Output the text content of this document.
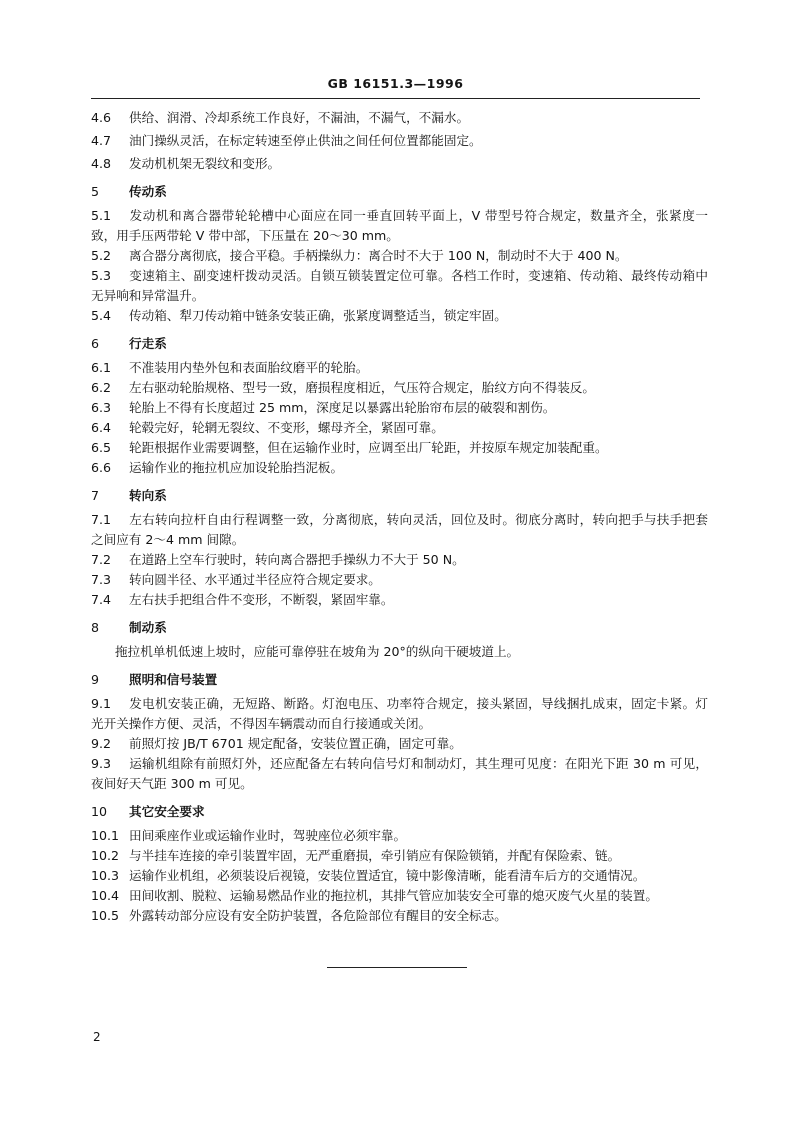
GB 16151.3—1996
4.6	供给、润滑、冷却系统工作良好，不漏油，不漏气，不漏水。
4.7	油门操纵灵活，在标定转速至停止供油之间任何位置都能固定。
4.8	发动机机架无裂纹和变形。
5	传动系
5.1 发动机和离合器带轮轮槽中心面应在同一垂直回转平面上，V 带型号符合规定，数量齐全，张紧度一致，用手压两带轮 V 带中部，下压量在 20～30 mm。
5.2	离合器分离彻底，接合平稳。手柄操纵力：离合时不大于 100 N，制动时不大于 400 N。
5.3 变速箱主、副变速杆拨动灵活。自锁互锁装置定位可靠。各档工作时，变速箱、传动箱、最终传动箱中无异响和异常温升。
5.4	传动箱、犁刀传动箱中链条安装正确，张紧度调整适当，锁定牢固。
6	行走系
6.1	不准装用内垫外包和表面胎纹磨平的轮胎。
6.2	左右驱动轮胎规格、型号一致，磨损程度相近，气压符合规定，胎纹方向不得装反。
6.3	轮胎上不得有长度超过 25 mm，深度足以暴露出轮胎帘布层的破裂和割伤。
6.4	轮毂完好，轮辋无裂纹、不变形，螺母齐全，紧固可靠。
6.5	轮距根据作业需要调整，但在运输作业时，应调至出厂轮距，并按原车规定加装配重。
6.6	运输作业的拖拉机应加设轮胎挡泥板。
7	转向系
7.1 左右转向拉杆自由行程调整一致，分离彻底，转向灵活，回位及时。彻底分离时，转向把手与扶手把套之间应有 2～4 mm 间隙。
7.2	在道路上空车行驶时，转向离合器把手操纵力不大于 50 N。
7.3	转向圆半径、水平通过半径应符合规定要求。
7.4	左右扶手把组合件不变形，不断裂，紧固牢靠。
8	制动系
拖拉机单机低速上坡时，应能可靠停驻在坡角为 20°的纵向干硬坡道上。
9	照明和信号装置
9.1 发电机安装正确，无短路、断路。灯泡电压、功率符合规定，接头紧固，导线捆扎成束，固定卡紧。灯光开关操作方便、灵活，不得因车辆震动而自行接通或关闭。
9.2	前照灯按 JB/T 6701 规定配备，安装位置正确，固定可靠。
9.3 运输机组除有前照灯外，还应配备左右转向信号灯和制动灯，其生理可见度：在阳光下距 30 m 可见，夜间好天气距 300 m 可见。
10	其它安全要求
10.1 田间乘座作业或运输作业时，驾驶座位必须牢靠。
10.2 与半挂车连接的牵引装置牢固，无严重磨损，牵引销应有保险锁销，并配有保险索、链。
10.3 运输作业机组，必须装设后视镜，安装位置适宜，镜中影像清晰，能看清车后方的交通情况。
10.4 田间收割、脱粒、运输易燃品作业的拖拉机，其排气管应加装安全可靠的熄灭废气火星的装置。
10.5 外露转动部分应设有安全防护装置，各危险部位有醒目的安全标志。
2
